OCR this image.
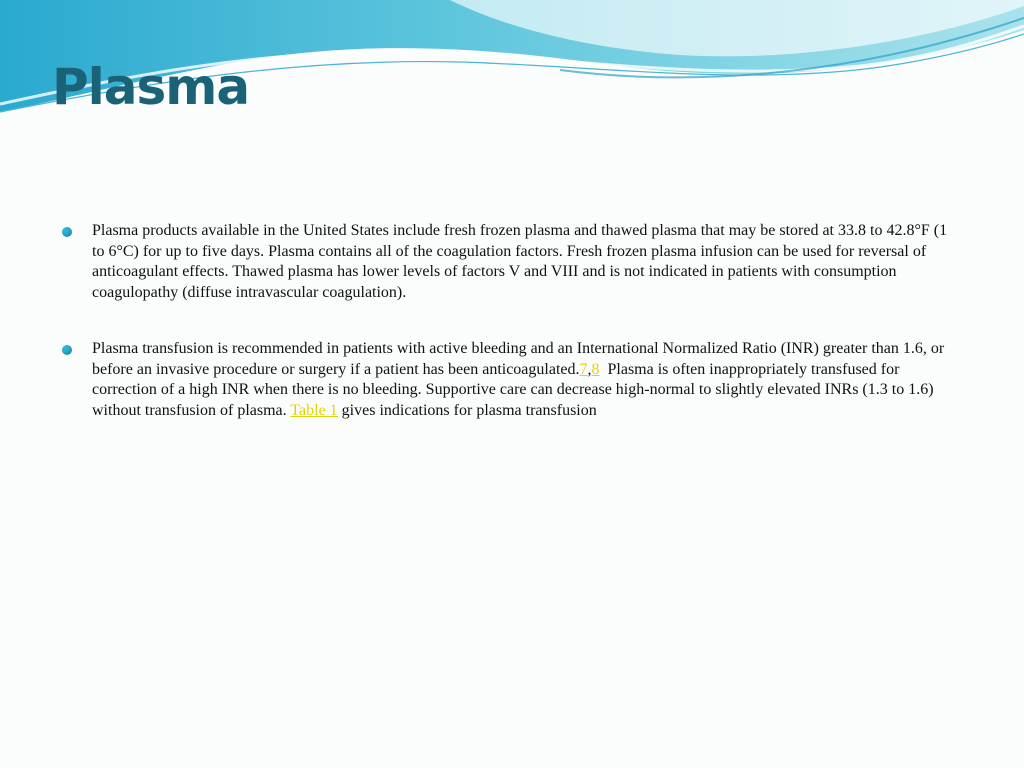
Plasma
Plasma products available in the United States include fresh frozen plasma and thawed plasma that may be stored at 33.8 to 42.8°F (1 to 6°C) for up to five days. Plasma contains all of the coagulation factors. Fresh frozen plasma infusion can be used for reversal of anticoagulant effects. Thawed plasma has lower levels of factors V and VIII and is not indicated in patients with consumption coagulopathy (diffuse intravascular coagulation).
Plasma transfusion is recommended in patients with active bleeding and an International Normalized Ratio (INR) greater than 1.6, or before an invasive procedure or surgery if a patient has been anticoagulated.7,8  Plasma is often inappropriately transfused for correction of a high INR when there is no bleeding. Supportive care can decrease high-normal to slightly elevated INRs (1.3 to 1.6) without transfusion of plasma. Table 1 gives indications for plasma transfusion
